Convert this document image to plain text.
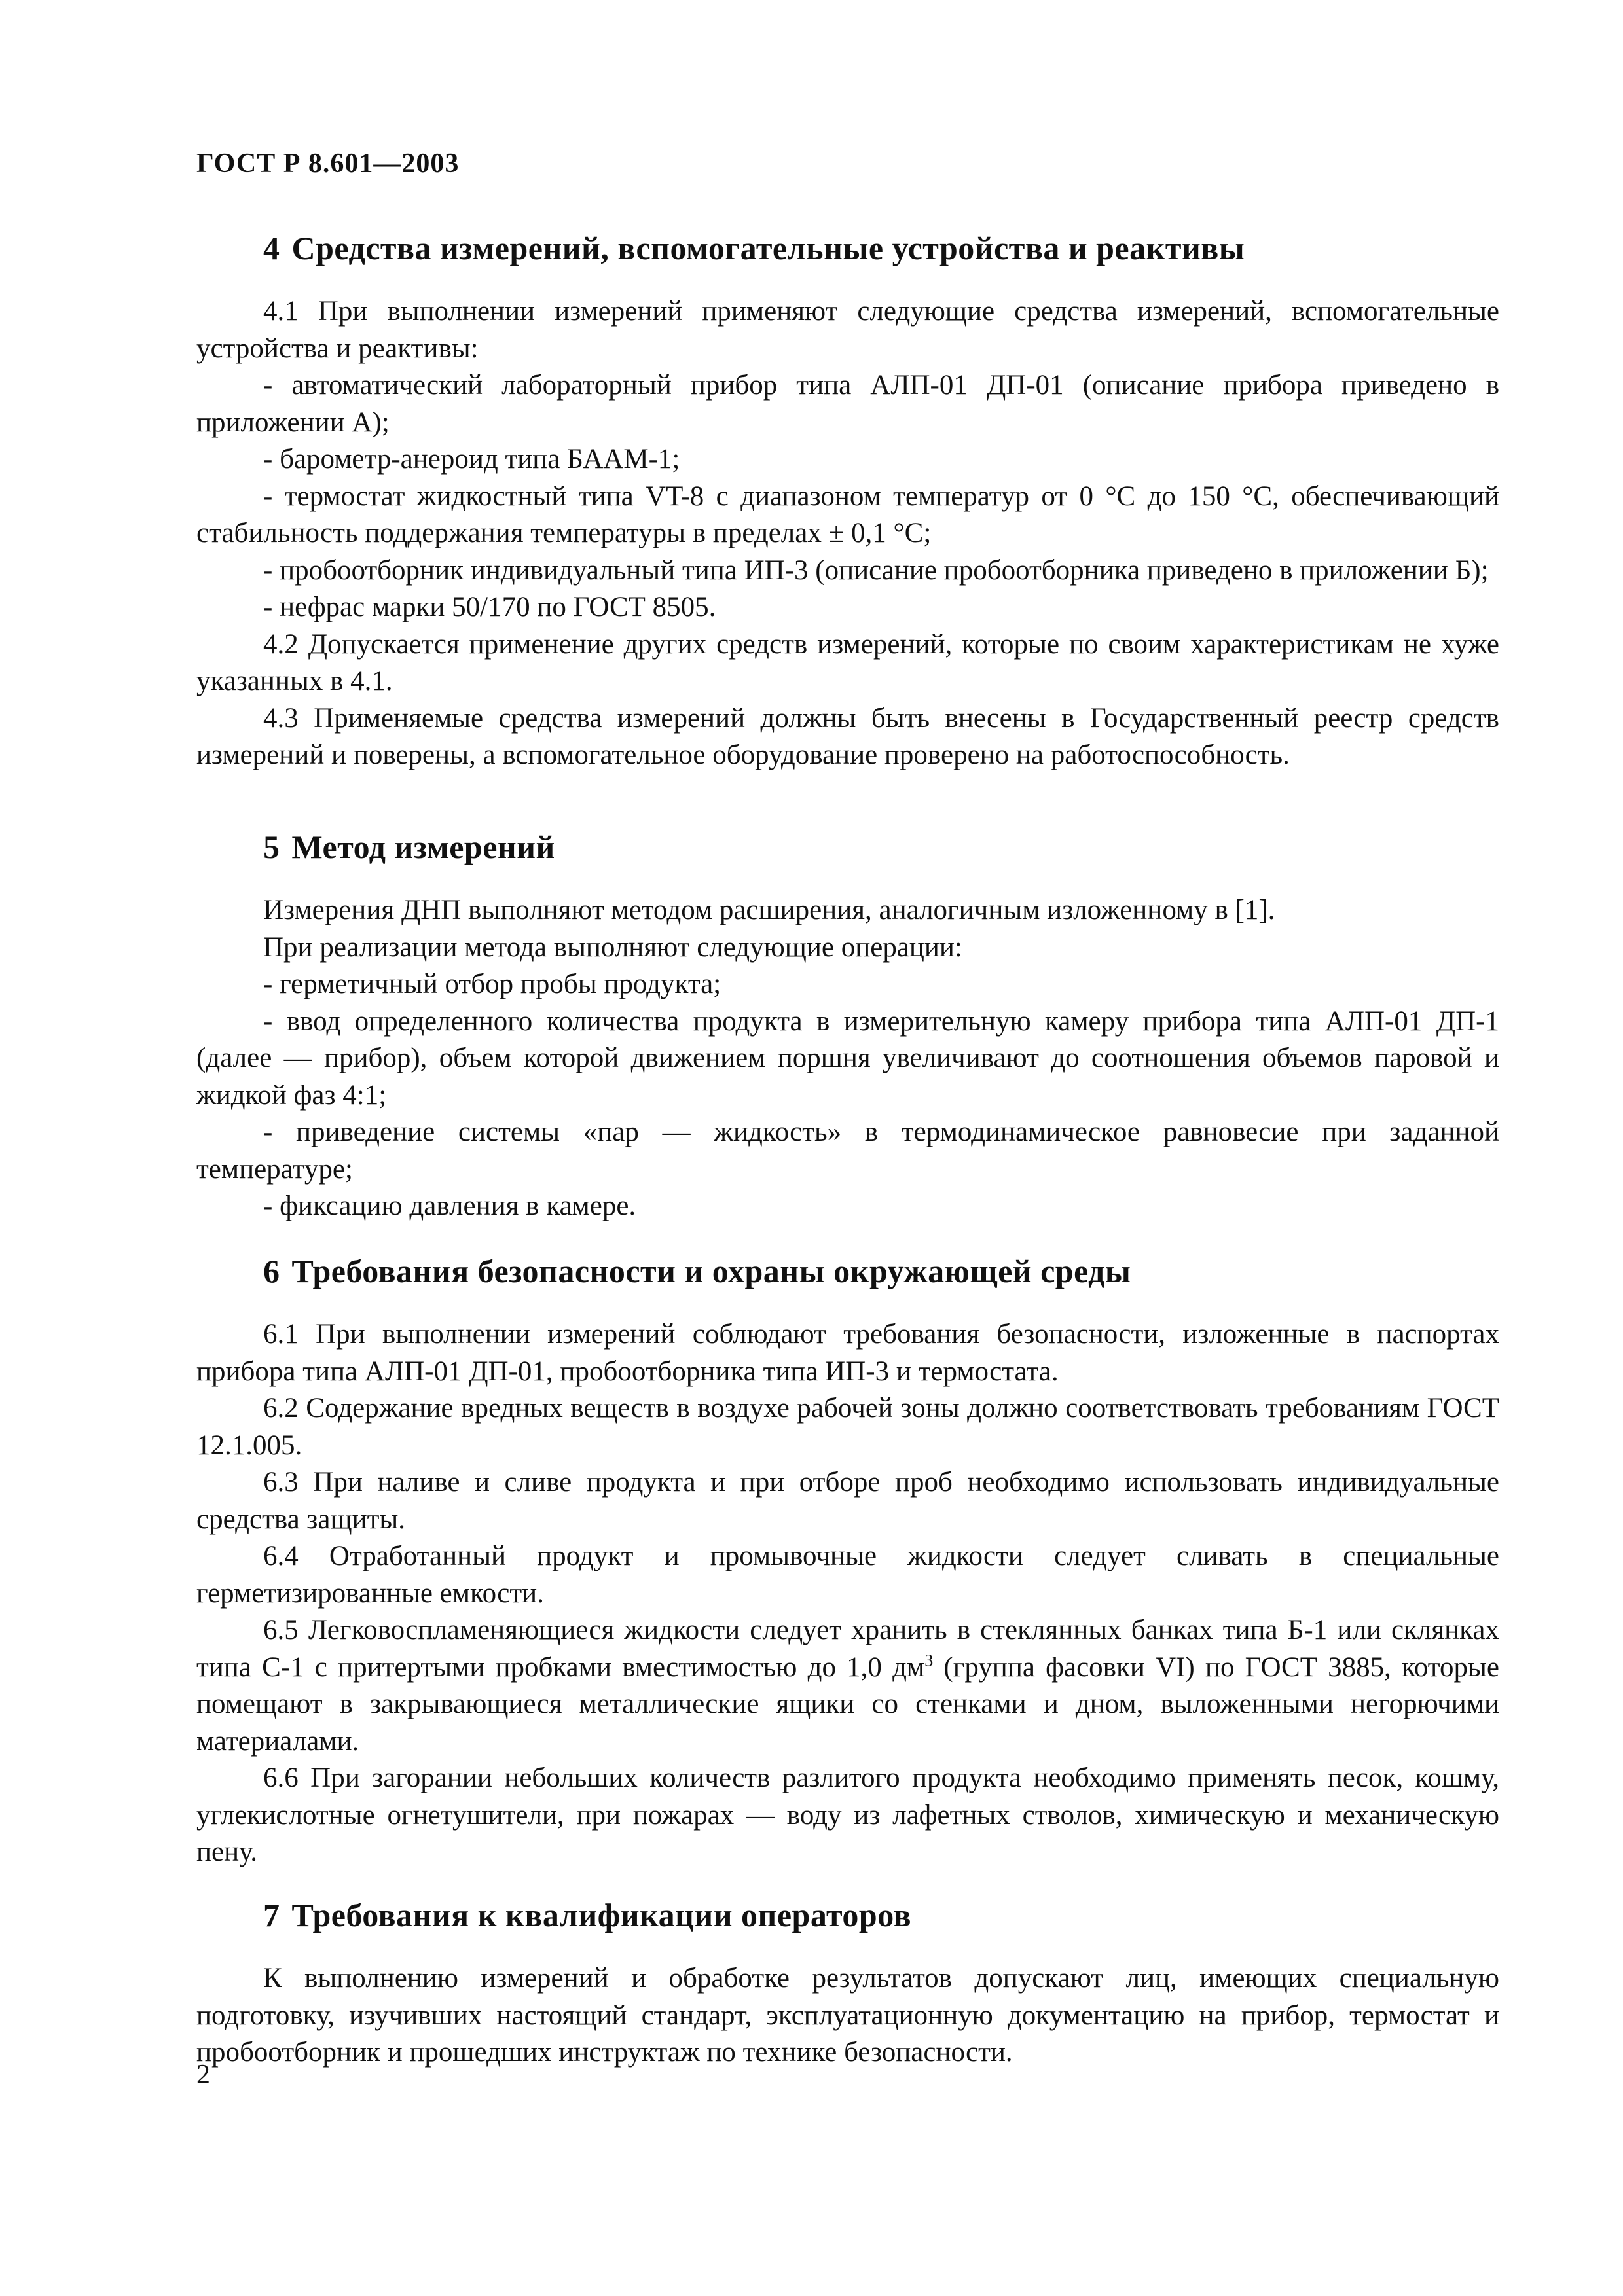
ГОСТ Р 8.601—2003
4 Средства измерений, вспомогательные устройства и реактивы

4.1 При выполнении измерений применяют следующие средства измерений, вспомогательные устройства и реактивы:

- автоматический лабораторный прибор типа АЛП-01 ДП-01 (описание прибора приведено в приложении А);

- барометр-анероид типа БААМ-1;

- термостат жидкостный типа VT-8 с диапазоном температур от 0 °С до 150 °С, обеспечивающий стабильность поддержания температуры в пределах ± 0,1 °С;

- пробоотборник индивидуальный типа ИП-3 (описание пробоотборника приведено в приложении Б);

- нефрас марки 50/170 по ГОСТ 8505.

4.2 Допускается применение других средств измерений, которые по своим характеристикам не хуже указанных в 4.1.

4.3 Применяемые средства измерений должны быть внесены в Государственный реестр средств измерений и поверены, а вспомогательное оборудование проверено на работоспособность.

5 Метод измерений

Измерения ДНП выполняют методом расширения, аналогичным изложенному в [1].

При реализации метода выполняют следующие операции:

- герметичный отбор пробы продукта;

- ввод определенного количества продукта в измерительную камеру прибора типа АЛП-01 ДП-1 (далее — прибор), объем которой движением поршня увеличивают до соотношения объемов паровой и жидкой фаз 4:1;

- приведение системы «пар — жидкость» в термодинамическое равновесие при заданной температуре;

- фиксацию давления в камере.

6 Требования безопасности и охраны окружающей среды

6.1 При выполнении измерений соблюдают требования безопасности, изложенные в паспортах прибора типа АЛП-01 ДП-01, пробоотборника типа ИП-3 и термостата.

6.2 Содержание вредных веществ в воздухе рабочей зоны должно соответствовать требованиям ГОСТ 12.1.005.

6.3 При наливе и сливе продукта и при отборе проб необходимо использовать индивидуальные средства защиты.

6.4 Отработанный продукт и промывочные жидкости следует сливать в специальные герметизированные емкости.

6.5 Легковоспламеняющиеся жидкости следует хранить в стеклянных банках типа Б-1 или склянках типа С-1 с притертыми пробками вместимостью до 1,0 $дм^3$ (группа фасовки VI) по ГОСТ 3885, которые помещают в закрывающиеся металлические ящики со стенками и дном, выложенными негорючими материалами.

6.6 При загорании небольших количеств разлитого продукта необходимо применять песок, кошму, углекислотные огнетушители, при пожарах — воду из лафетных стволов, химическую и механическую пену.

7 Требования к квалификации операторов

К выполнению измерений и обработке результатов допускают лиц, имеющих специальную подготовку, изучивших настоящий стандарт, эксплуатационную документацию на прибор, термостат и пробоотборник и прошедших инструктаж по технике безопасности.

2
